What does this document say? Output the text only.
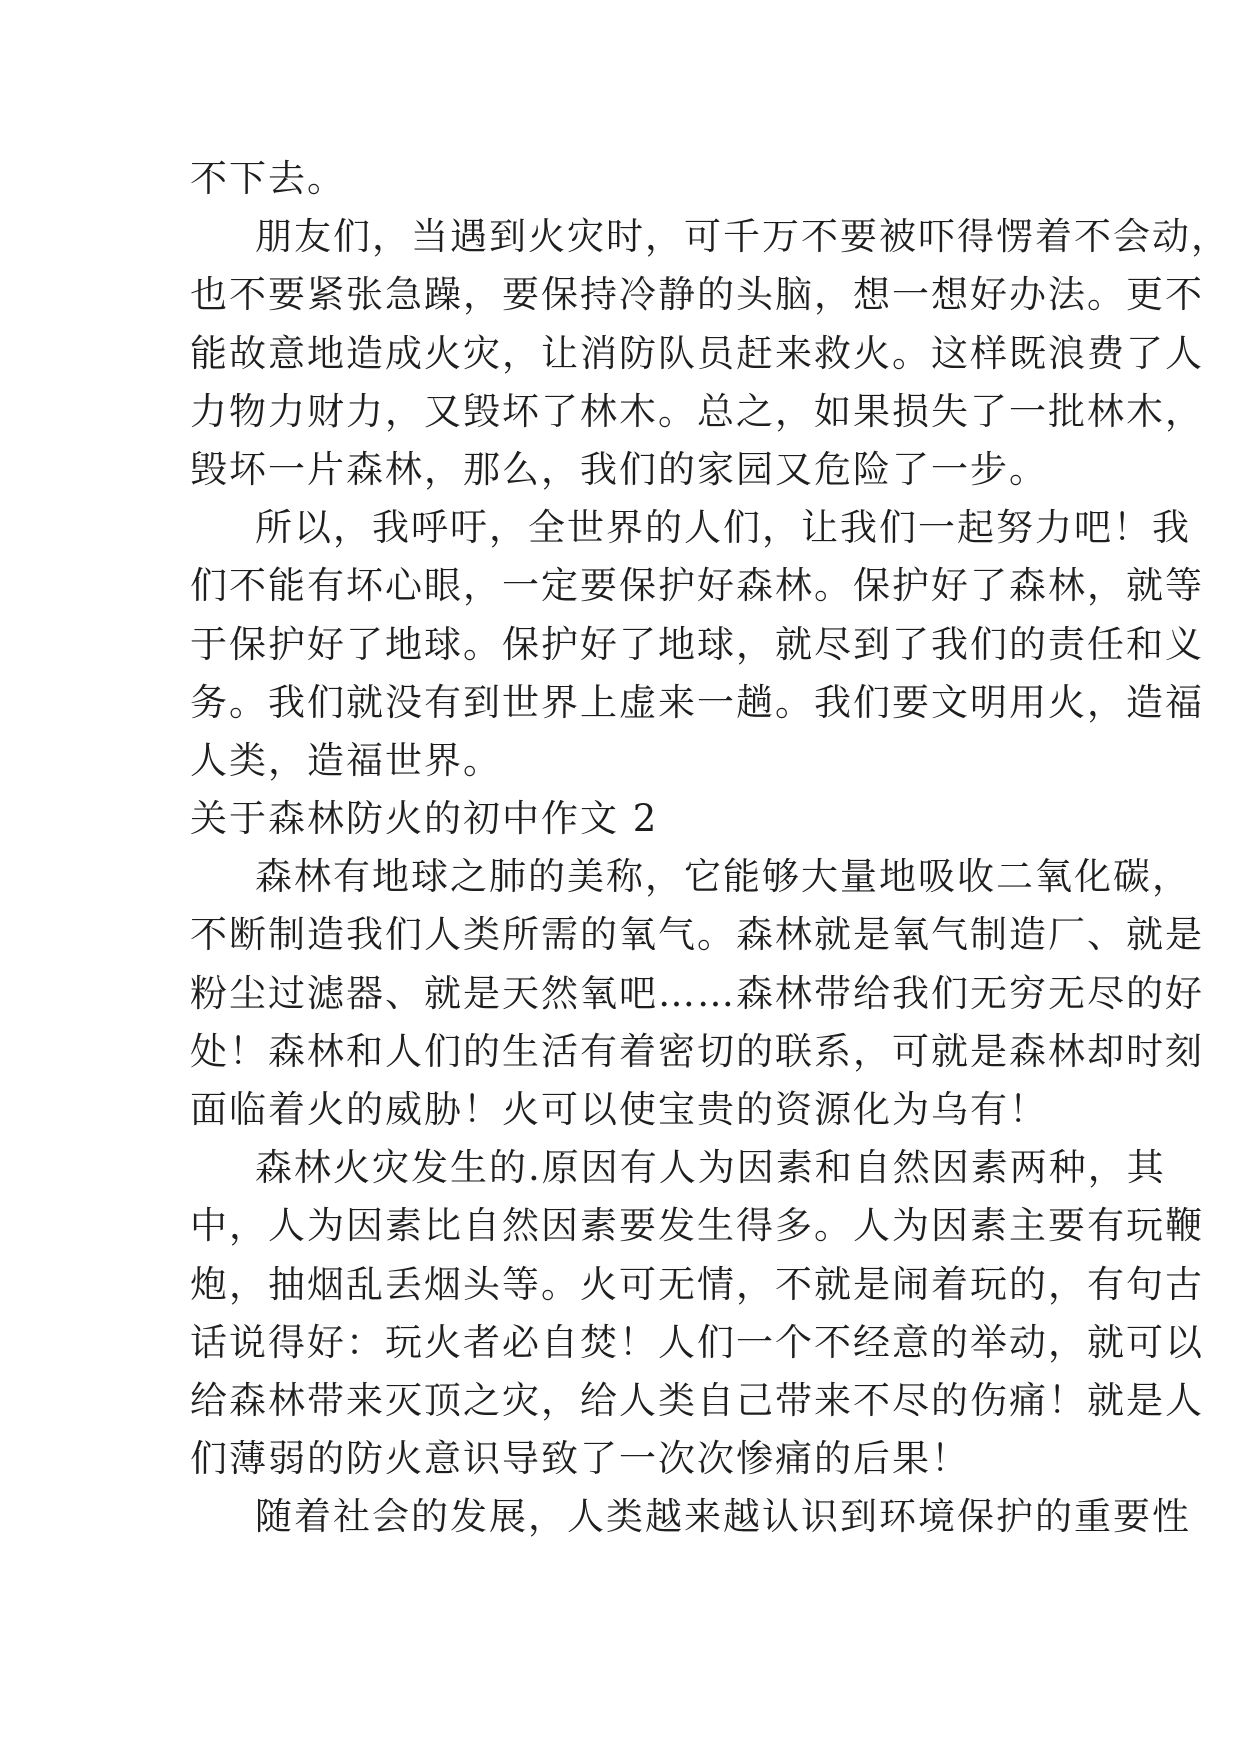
不下去。
朋友们，当遇到火灾时，可千万不要被吓得愣着不会动，
也不要紧张急躁，要保持冷静的头脑，想一想好办法。更不
能故意地造成火灾，让消防队员赶来救火。这样既浪费了人
力物力财力，又毁坏了林木。总之，如果损失了一批林木，
毁坏一片森林，那么，我们的家园又危险了一步。
所以，我呼吁，全世界的人们，让我们一起努力吧！我
们不能有坏心眼，一定要保护好森林。保护好了森林，就等
于保护好了地球。保护好了地球，就尽到了我们的责任和义
务。我们就没有到世界上虚来一趟。我们要文明用火，造福
人类，造福世界。
关于森林防火的初中作文 2
森林有地球之肺的美称，它能够大量地吸收二氧化碳，
不断制造我们人类所需的氧气。森林就是氧气制造厂、就是
粉尘过滤器、就是天然氧吧……森林带给我们无穷无尽的好
处！森林和人们的生活有着密切的联系，可就是森林却时刻
面临着火的威胁！火可以使宝贵的资源化为乌有！
森林火灾发生的.原因有人为因素和自然因素两种，其
中，人为因素比自然因素要发生得多。人为因素主要有玩鞭
炮，抽烟乱丢烟头等。火可无情，不就是闹着玩的，有句古
话说得好：玩火者必自焚！人们一个不经意的举动，就可以
给森林带来灭顶之灾，给人类自己带来不尽的伤痛！就是人
们薄弱的防火意识导致了一次次惨痛的后果！
随着社会的发展，人类越来越认识到环境保护的重要性
